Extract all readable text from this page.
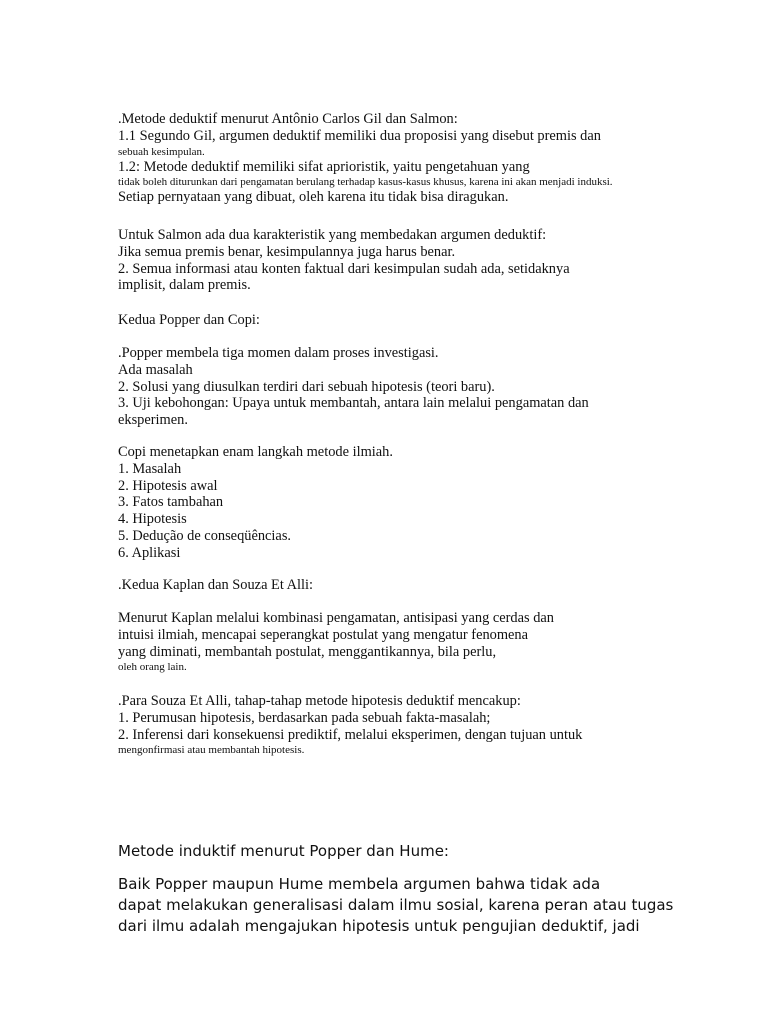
.Metode deduktif menurut Antônio Carlos Gil dan Salmon:
1.1 Segundo Gil, argumen deduktif memiliki dua proposisi yang disebut premis dan
sebuah kesimpulan.
1.2: Metode deduktif memiliki sifat aprioristik, yaitu pengetahuan yang
tidak boleh diturunkan dari pengamatan berulang terhadap kasus-kasus khusus, karena ini akan menjadi induksi.
Setiap pernyataan yang dibuat, oleh karena itu tidak bisa diragukan.
Untuk Salmon ada dua karakteristik yang membedakan argumen deduktif:
Jika semua premis benar, kesimpulannya juga harus benar.
2. Semua informasi atau konten faktual dari kesimpulan sudah ada, setidaknya
implisit, dalam premis.
Kedua Popper dan Copi:
.Popper membela tiga momen dalam proses investigasi.
Ada masalah
2. Solusi yang diusulkan terdiri dari sebuah hipotesis (teori baru).
3. Uji kebohongan: Upaya untuk membantah, antara lain melalui pengamatan dan
eksperimen.
Copi menetapkan enam langkah metode ilmiah.
1. Masalah
2. Hipotesis awal
3. Fatos tambahan
4. Hipotesis
5. Dedução de conseqüências.
6. Aplikasi
.Kedua Kaplan dan Souza Et Alli:
Menurut Kaplan melalui kombinasi pengamatan, antisipasi yang cerdas dan
intuisi ilmiah, mencapai seperangkat postulat yang mengatur fenomena
yang diminati, membantah postulat, menggantikannya, bila perlu,
oleh orang lain.
.Para Souza Et Alli, tahap-tahap metode hipotesis deduktif mencakup:
1. Perumusan hipotesis, berdasarkan pada sebuah fakta-masalah;
2. Inferensi dari konsekuensi prediktif, melalui eksperimen, dengan tujuan untuk
mengonfirmasi atau membantah hipotesis.
Metode induktif menurut Popper dan Hume:
Baik Popper maupun Hume membela argumen bahwa tidak ada
dapat melakukan generalisasi dalam ilmu sosial, karena peran atau tugas
dari ilmu adalah mengajukan hipotesis untuk pengujian deduktif, jadi
